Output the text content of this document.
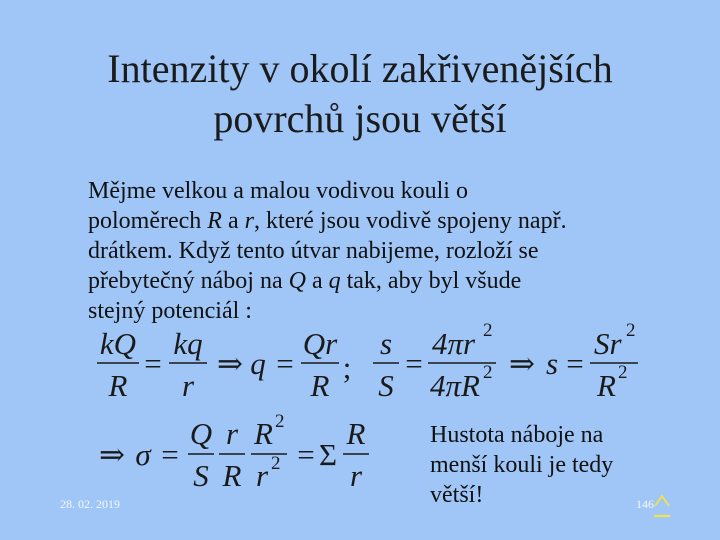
Intenzity v okolí zakřivenějších
povrchů jsou větší
Mějme velkou a malou vodivou kouli o
poloměrech R a r, které jsou vodivě spojeny např.
drátkem. Když tento útvar nabijeme, rozloží se
přebytečný náboj na Q a q tak, aby byl všude
stejný potenciál :
kQ
R
=
kq
r
⇒ q =
Qr
R
;
s
S
=
4πr 2
4πR 2 ⇒ s =
Sr 2
R 2
⇒ σ =
Q
S
r
R
R 2
r 2 = Σ
R
r
Hustota náboje na
menší kouli je tedy
větší!
28. 02. 2019	146
